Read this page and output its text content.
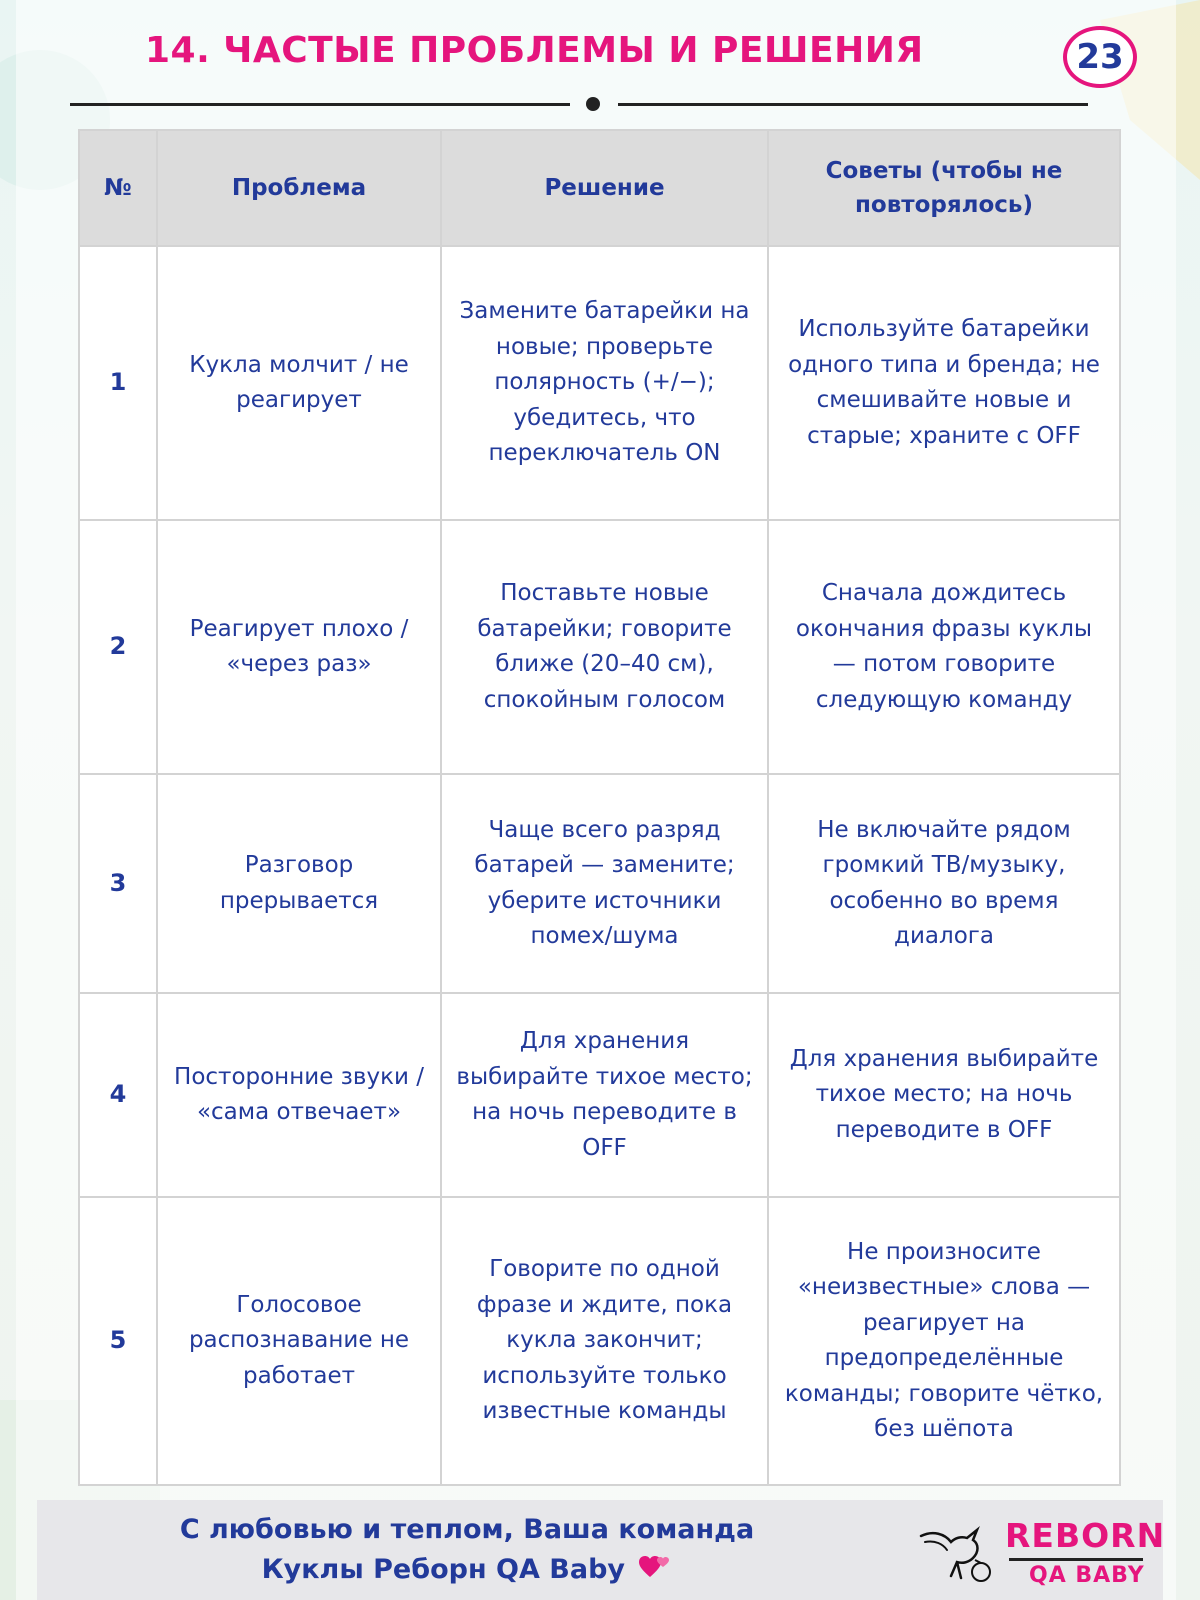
14. ЧАСТЫЕ ПРОБЛЕМЫ И РЕШЕНИЯ	23
№	Проблема	Решение	Советы (чтобы не повторялось)
1	Кукла молчит / не реагирует	Замените батарейки на новые; проверьте полярность (+/−); убедитесь, что переключатель ON	Используйте батарейки одного типа и бренда; не смешивайте новые и старые; храните с OFF
2	Реагирует плохо / «через раз»	Поставьте новые батарейки; говорите ближе (20–40 см), спокойным голосом	Сначала дождитесь окончания фразы куклы — потом говорите следующую команду
3	Разговор прерывается	Чаще всего разряд батарей — замените; уберите источники помех/шума	Не включайте рядом громкий ТВ/музыку, особенно во время диалога
4	Посторонние звуки / «сама отвечает»	Для хранения выбирайте тихое место; на ночь переводите в OFF	Для хранения выбирайте тихое место; на ночь переводите в OFF
5	Голосовое распознавание не работает	Говорите по одной фразе и ждите, пока кукла закончит; используйте только известные команды	Не произносите «неизвестные» слова — реагирует на предопределённые команды; говорите чётко, без шёпота
С любовью и теплом, Ваша команда
Куклы Реборн QA Baby
REBORN
QA BABY
